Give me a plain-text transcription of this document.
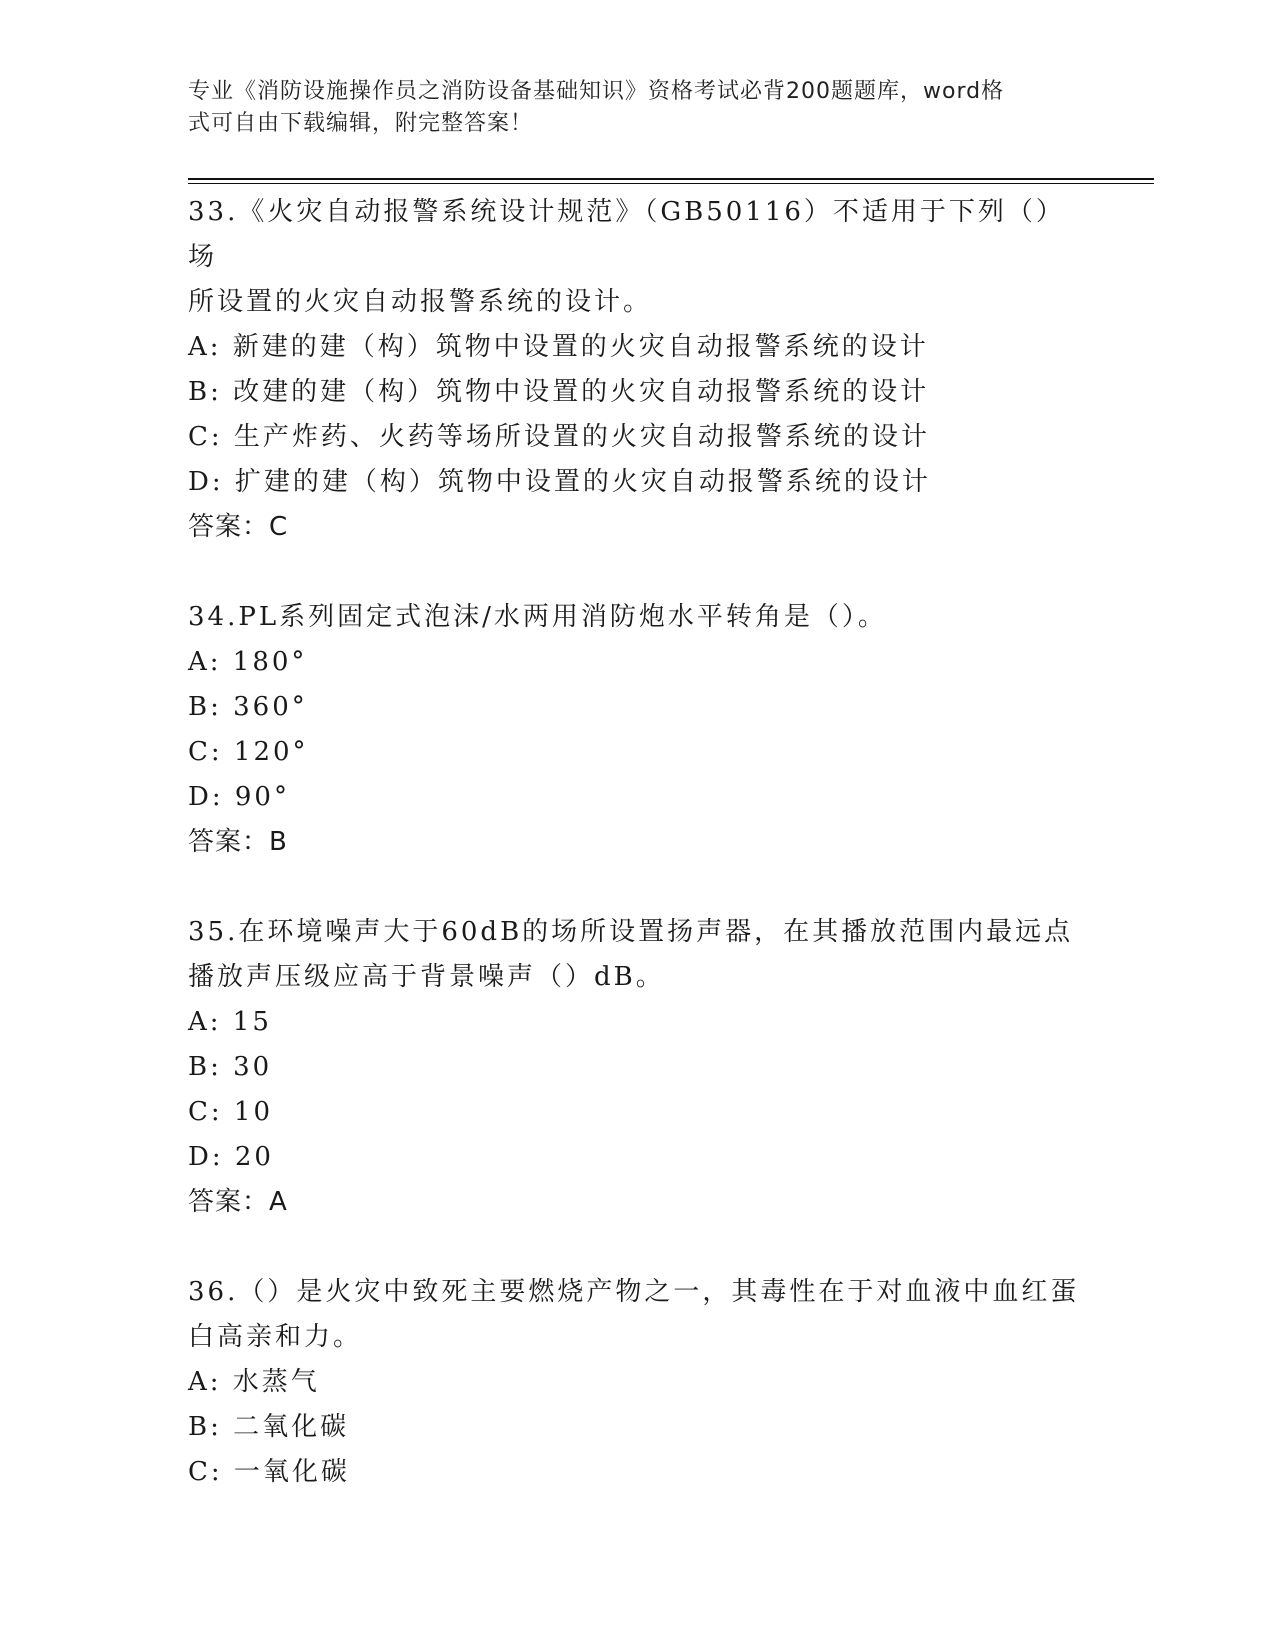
专业《消防设施操作员之消防设备基础知识》资格考试必背200题题库，word格
式可自由下载编辑，附完整答案！

33.《火灾自动报警系统设计规范》（GB50116）不适用于下列（）场

所设置的火灾自动报警系统的设计。

A: 新建的建（构）筑物中设置的火灾自动报警系统的设计

B: 改建的建（构）筑物中设置的火灾自动报警系统的设计

C: 生产炸药、火药等场所设置的火灾自动报警系统的设计

D: 扩建的建（构）筑物中设置的火灾自动报警系统的设计

答案：C

34.PL系列固定式泡沫/水两用消防炮水平转角是（）。

A: 180°

B: 360°

C: 120°

D: 90°

答案：B

35.在环境噪声大于60dB的场所设置扬声器，在其播放范围内最远点

播放声压级应高于背景噪声（）dB。

A: 15

B: 30

C: 10

D: 20

答案：A

36.（）是火灾中致死主要燃烧产物之一，其毒性在于对血液中血红蛋

白高亲和力。

A: 水蒸气

B: 二氧化碳

C: 一氧化碳
